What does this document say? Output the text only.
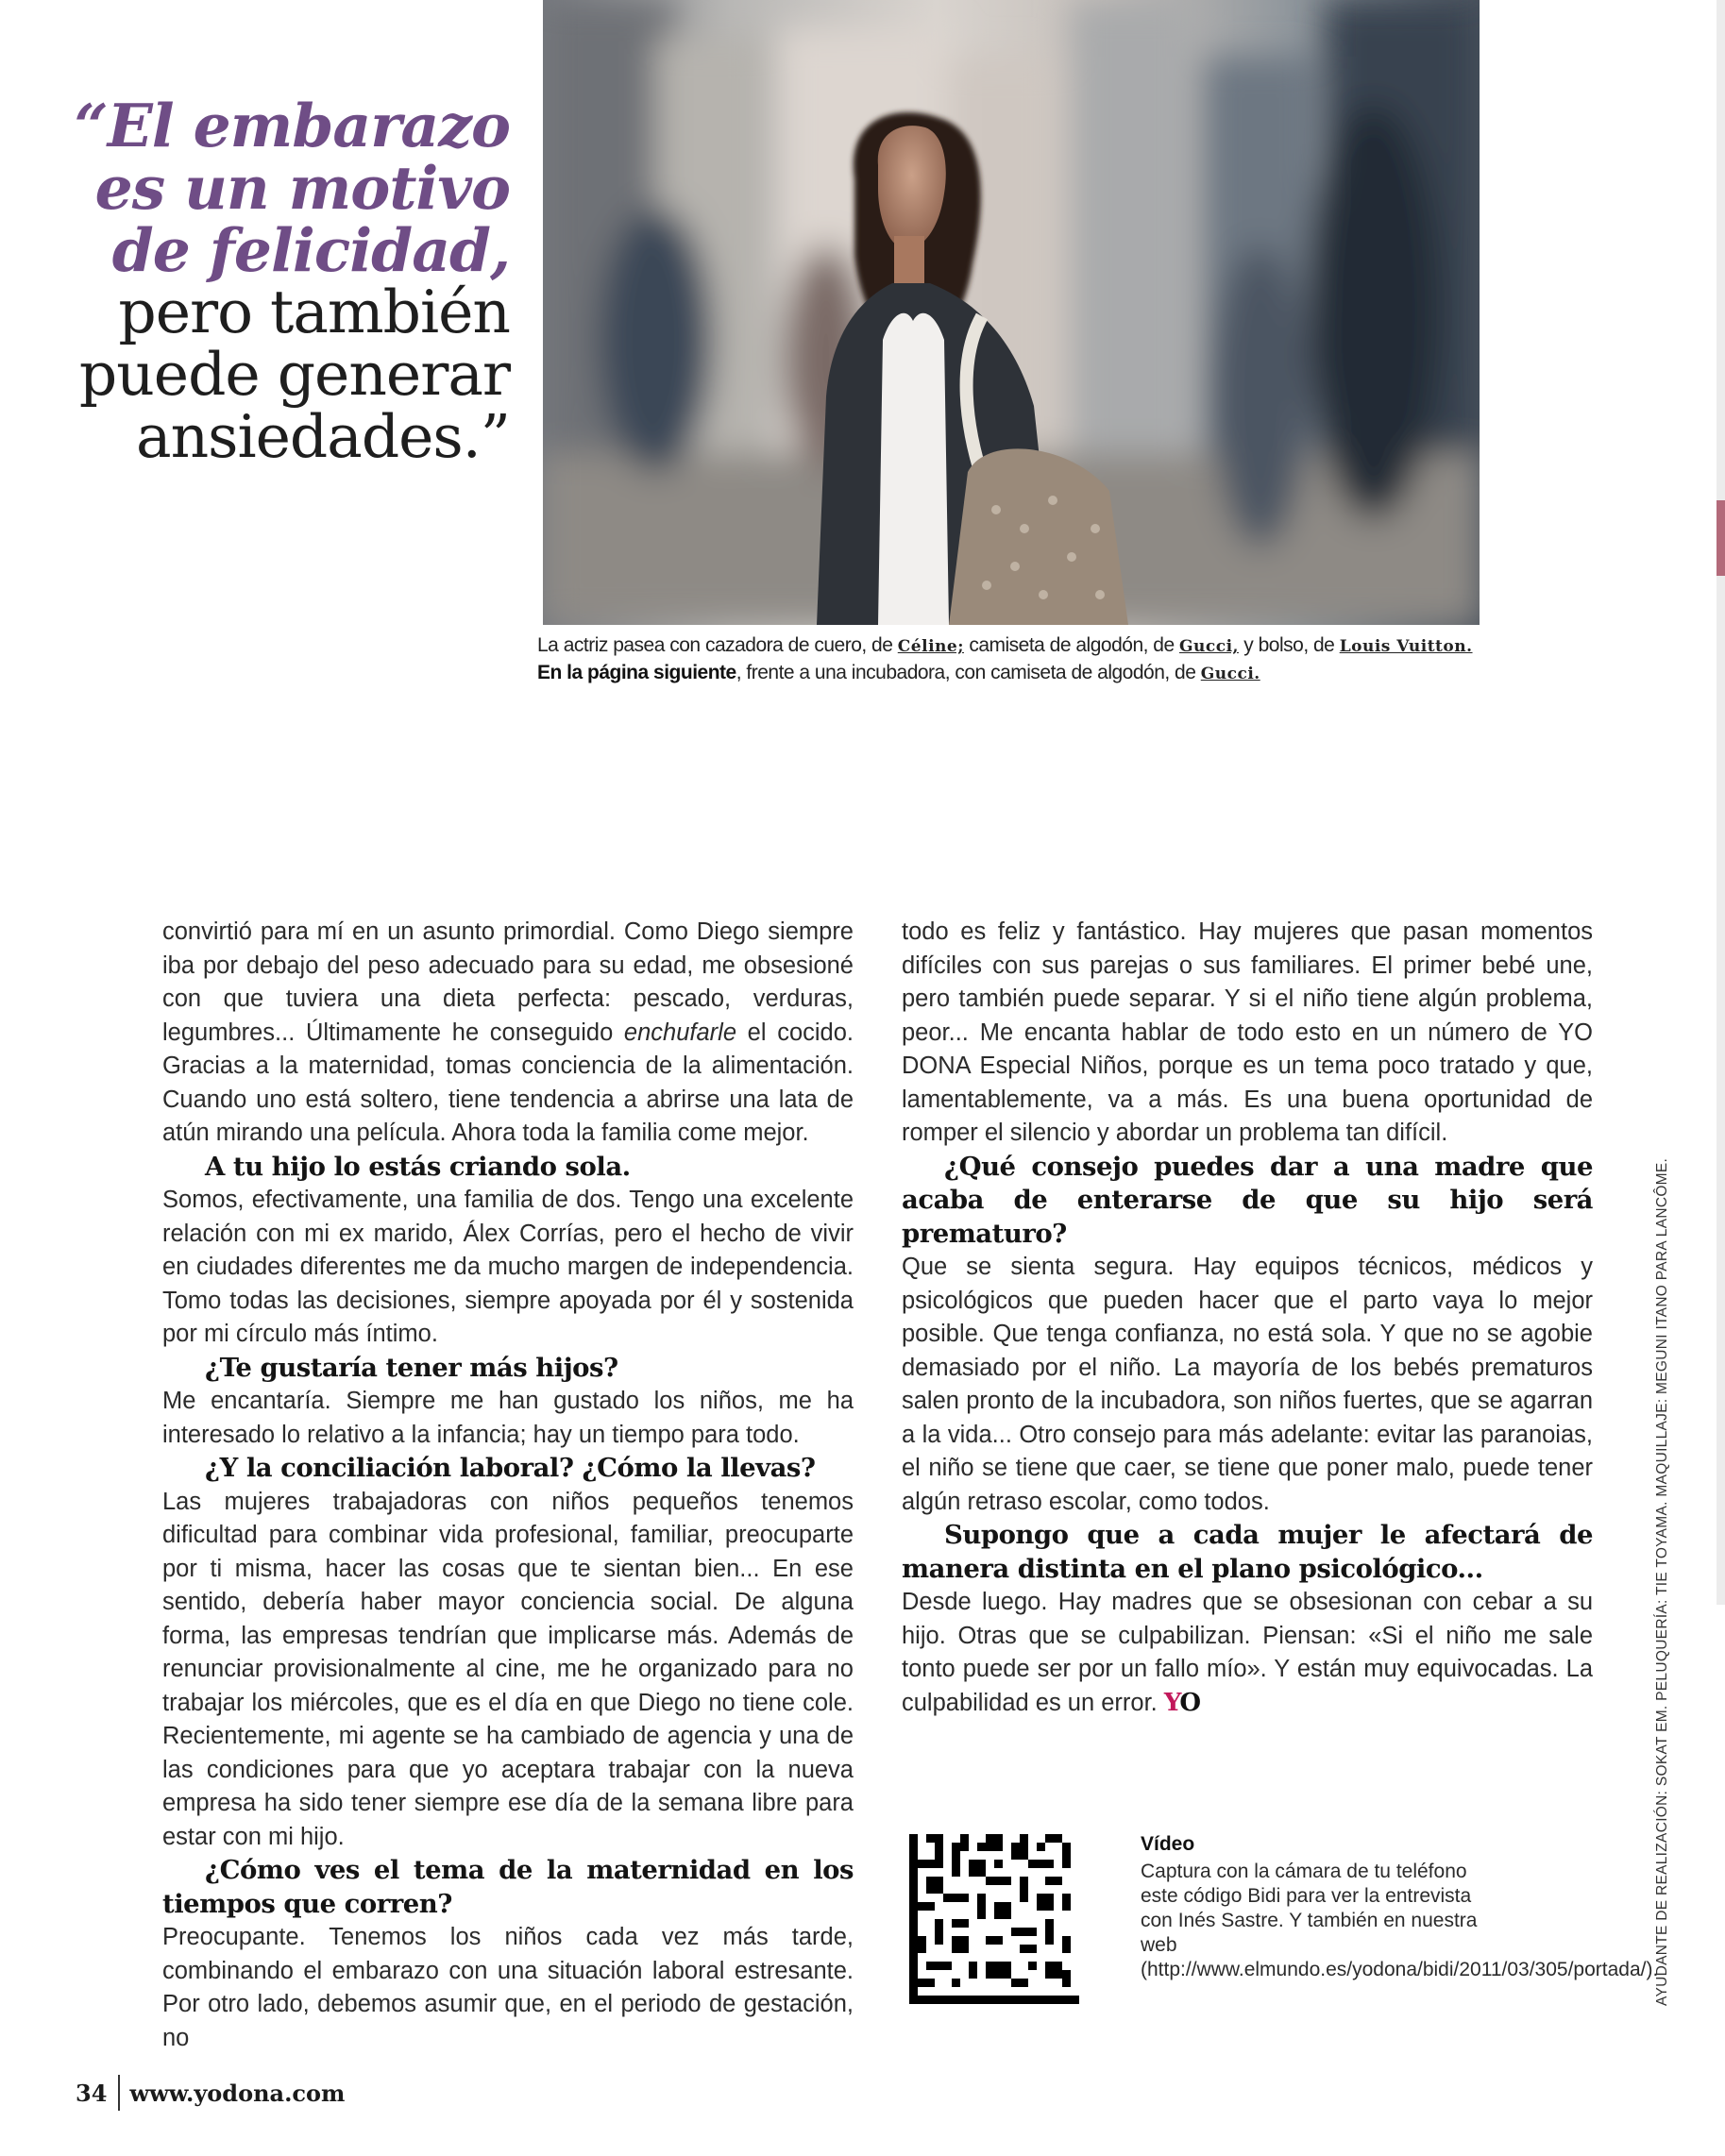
“El embarazo es un motivo de felicidad,
pero también puede generar ansiedades.”
La actriz pasea con cazadora de cuero, de Céline; camiseta de algodón, de Gucci, y bolso, de Louis Vuitton. En la página siguiente, frente a una incubadora, con camiseta de algodón, de Gucci.

convirtió para mí en un asunto primordial. Como Diego siempre iba por debajo del peso adecuado para su edad, me obsesioné con que tuviera una dieta perfecta: pescado, verduras, legumbres... Últimamente he conseguido enchufarle el cocido. Gracias a la maternidad, tomas conciencia de la alimentación. Cuando uno está soltero, tiene tendencia a abrirse una lata de atún mirando una película. Ahora toda la familia come mejor.

A tu hijo lo estás criando sola.

Somos, efectivamente, una familia de dos. Tengo una excelente relación con mi ex marido, Álex Corrías, pero el hecho de vivir en ciudades diferentes me da mucho margen de independencia. Tomo todas las decisiones, siempre apoyada por él y sostenida por mi círculo más íntimo.

¿Te gustaría tener más hijos?

Me encantaría. Siempre me han gustado los niños, me ha interesado lo relativo a la infancia; hay un tiempo para todo.

¿Y la conciliación laboral? ¿Cómo la llevas?

Las mujeres trabajadoras con niños pequeños tenemos dificultad para combinar vida profesional, familiar, preocuparte por ti misma, hacer las cosas que te sientan bien... En ese sentido, debería haber mayor conciencia social. De alguna forma, las empresas tendrían que implicarse más. Además de renunciar provisionalmente al cine, me he organizado para no trabajar los miércoles, que es el día en que Diego no tiene cole. Recientemente, mi agente se ha cambiado de agencia y una de las condiciones para que yo aceptara trabajar con la nueva empresa ha sido tener siempre ese día de la semana libre para estar con mi hijo.

¿Cómo ves el tema de la maternidad en los tiempos que corren?

Preocupante. Tenemos los niños cada vez más tarde, combinando el embarazo con una situación laboral estresante. Por otro lado, debemos asumir que, en el periodo de gestación, no

todo es feliz y fantástico. Hay mujeres que pasan momentos difíciles con sus parejas o sus familiares. El primer bebé une, pero también puede separar. Y si el niño tiene algún problema, peor... Me encanta hablar de todo esto en un número de YO DONA Especial Niños, porque es un tema poco tratado y que, lamentablemente, va a más. Es una buena oportunidad de romper el silencio y abordar un problema tan difícil.

¿Qué consejo puedes dar a una madre que acaba de enterarse de que su hijo será prematuro?

Que se sienta segura. Hay equipos técnicos, médicos y psicológicos que pueden hacer que el parto vaya lo mejor posible. Que tenga confianza, no está sola. Y que no se agobie demasiado por el niño. La mayoría de los bebés prematuros salen pronto de la incubadora, son niños fuertes, que se agarran a la vida... Otro consejo para más adelante: evitar las paranoias, el niño se tiene que caer, se tiene que poner malo, puede tener algún retraso escolar, como todos.

Supongo que a cada mujer le afectará de manera distinta en el plano psicológico...

Desde luego. Hay madres que se obsesionan con cebar a su hijo. Otras que se culpabilizan. Piensan: «Si el niño me sale tonto puede ser por un fallo mío». Y están muy equivocadas. La culpabilidad es un error. YO

Vídeo
Captura con la cámara de tu teléfono este código Bidi para ver la entrevista con Inés Sastre. Y también en nuestra web (http://www.elmundo.es/yodona/bidi/2011/03/305/portada/).
AYUDANTE DE REALIZACIÓN: SOKAT EM. PELUQUERÍA: TIE TOYAMA. MAQUILLAJE: MEGUNI ITANO PARA LANCÔME.
34 www.yodona.com
